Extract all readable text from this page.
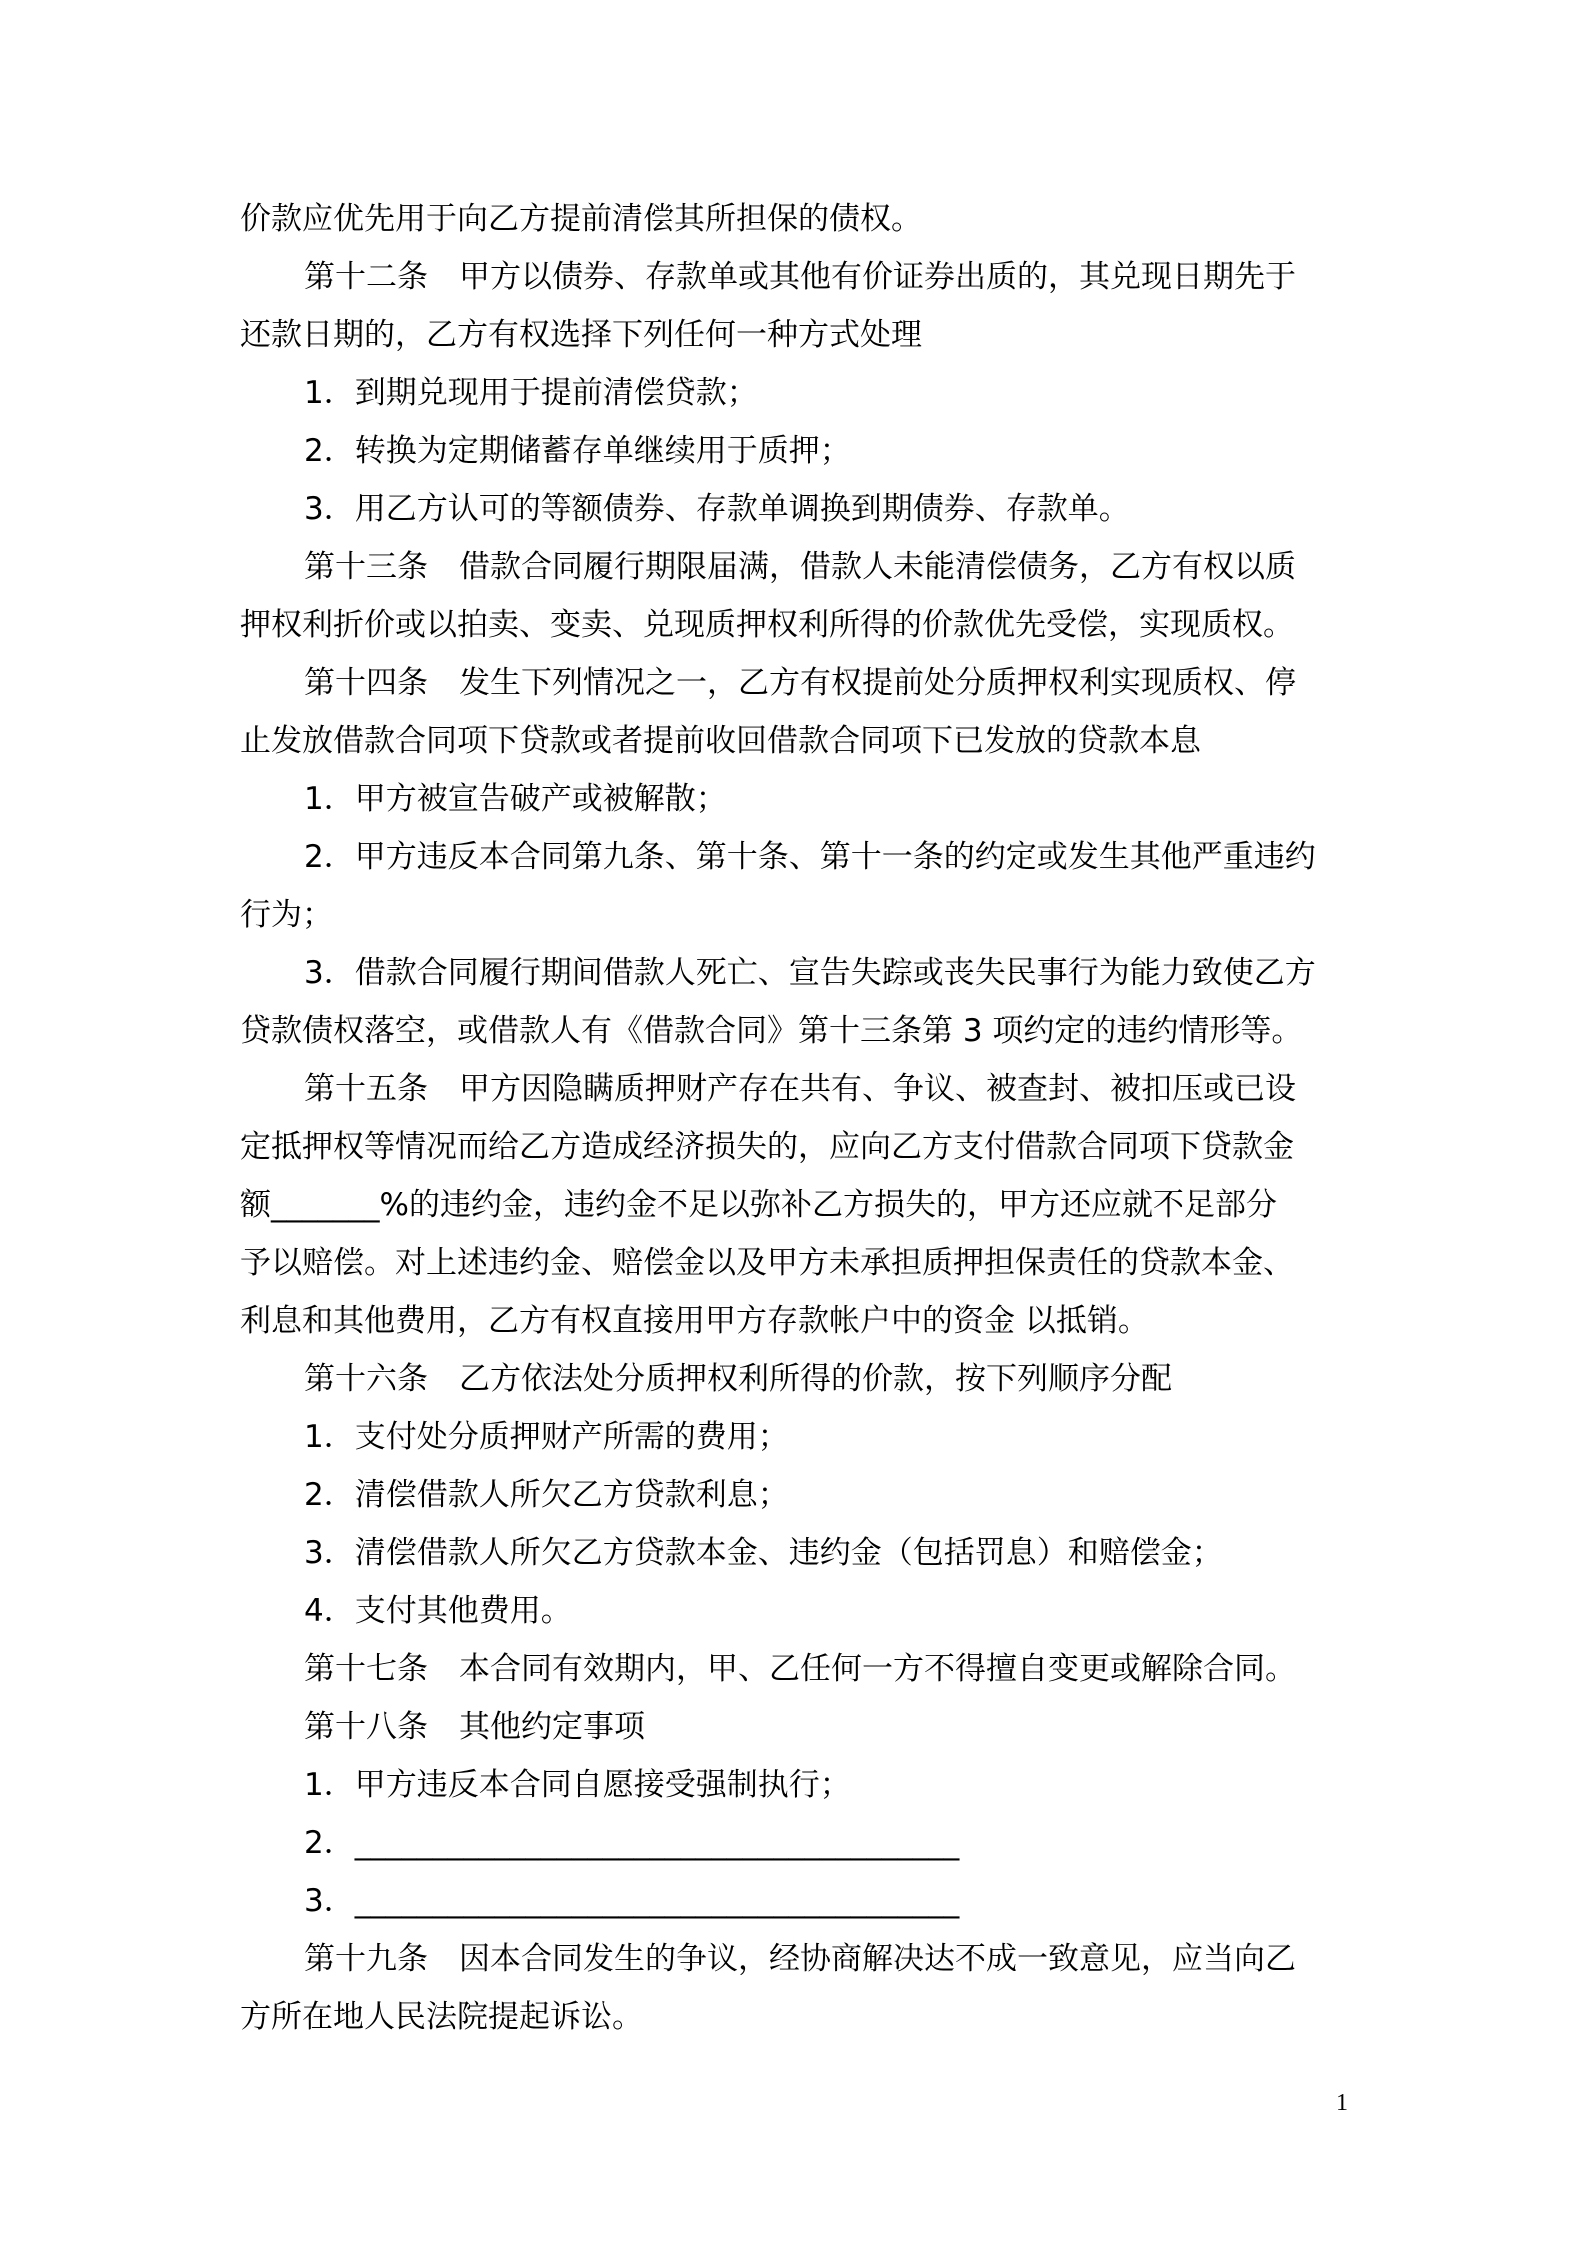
价款应优先用于向乙方提前清偿其所担保的债权。
第十二条　甲方以债券、存款单或其他有价证券出质的，其兑现日期先于
还款日期的，乙方有权选择下列任何一种方式处理
1．到期兑现用于提前清偿贷款；
2．转换为定期储蓄存单继续用于质押；
3．用乙方认可的等额债券、存款单调换到期债券、存款单。
第十三条　借款合同履行期限届满，借款人未能清偿债务，乙方有权以质
押权利折价或以拍卖、变卖、兑现质押权利所得的价款优先受偿，实现质权。
第十四条　发生下列情况之一，乙方有权提前处分质押权利实现质权、停
止发放借款合同项下贷款或者提前收回借款合同项下已发放的贷款本息
1．甲方被宣告破产或被解散；
2．甲方违反本合同第九条、第十条、第十一条的约定或发生其他严重违约
行为；
3．借款合同履行期间借款人死亡、宣告失踪或丧失民事行为能力致使乙方
贷款债权落空，或借款人有《借款合同》第十三条第 3 项约定的违约情形等。
第十五条　甲方因隐瞒质押财产存在共有、争议、被查封、被扣压或已设
定抵押权等情况而给乙方造成经济损失的，应向乙方支付借款合同项下贷款金
额_______%的违约金，违约金不足以弥补乙方损失的，甲方还应就不足部分
予以赔偿。对上述违约金、赔偿金以及甲方未承担质押担保责任的贷款本金、
利息和其他费用，乙方有权直接用甲方存款帐户中的资金 以抵销。
第十六条　乙方依法处分质押权利所得的价款，按下列顺序分配
1．支付处分质押财产所需的费用；
2．清偿借款人所欠乙方贷款利息；
3．清偿借款人所欠乙方贷款本金、违约金（包括罚息）和赔偿金；
4．支付其他费用。
第十七条　本合同有效期内，甲、乙任何一方不得擅自变更或解除合同。
第十八条　其他约定事项
1．甲方违反本合同自愿接受强制执行；
2．_______________________________________
3．_______________________________________
第十九条　因本合同发生的争议，经协商解决达不成一致意见，应当向乙
方所在地人民法院提起诉讼。
1
